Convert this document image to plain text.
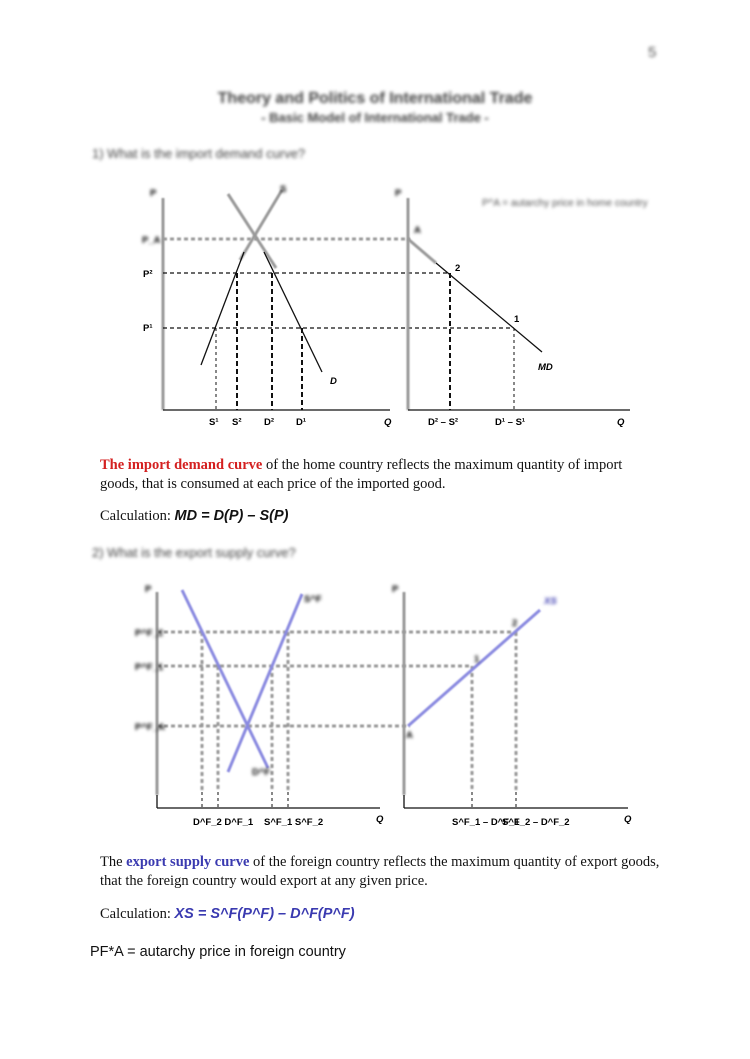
5
Theory and Politics of International Trade
- Basic Model of International Trade -
1) What is the import demand curve?
P^A = autarchy price in home country
P
Q
P_A
S
D
P²
P¹
S¹ S² D² D¹
P
Q
A
2
1
MD
D² – S²	D¹ – S¹
The import demand curve of the home country reflects the maximum quantity of import goods, that is consumed at each price of the imported good.
Calculation: MD = D(P) – S(P)
2) What is the export supply curve?
P
Q
S^F
D^F
P^F_2
P^F_1
P^F_A
D^F_2 D^F_1 S^F_1 S^F_2
P
Q
A
1
2
XS
S^F_1 – D^F_1
S^F_2 – D^F_2
The export supply curve of the foreign country reflects the maximum quantity of export goods, that the foreign country would export at any given price.
Calculation: XS = S^F(P^F) – D^F(P^F)
PF*A = autarchy price in foreign country
